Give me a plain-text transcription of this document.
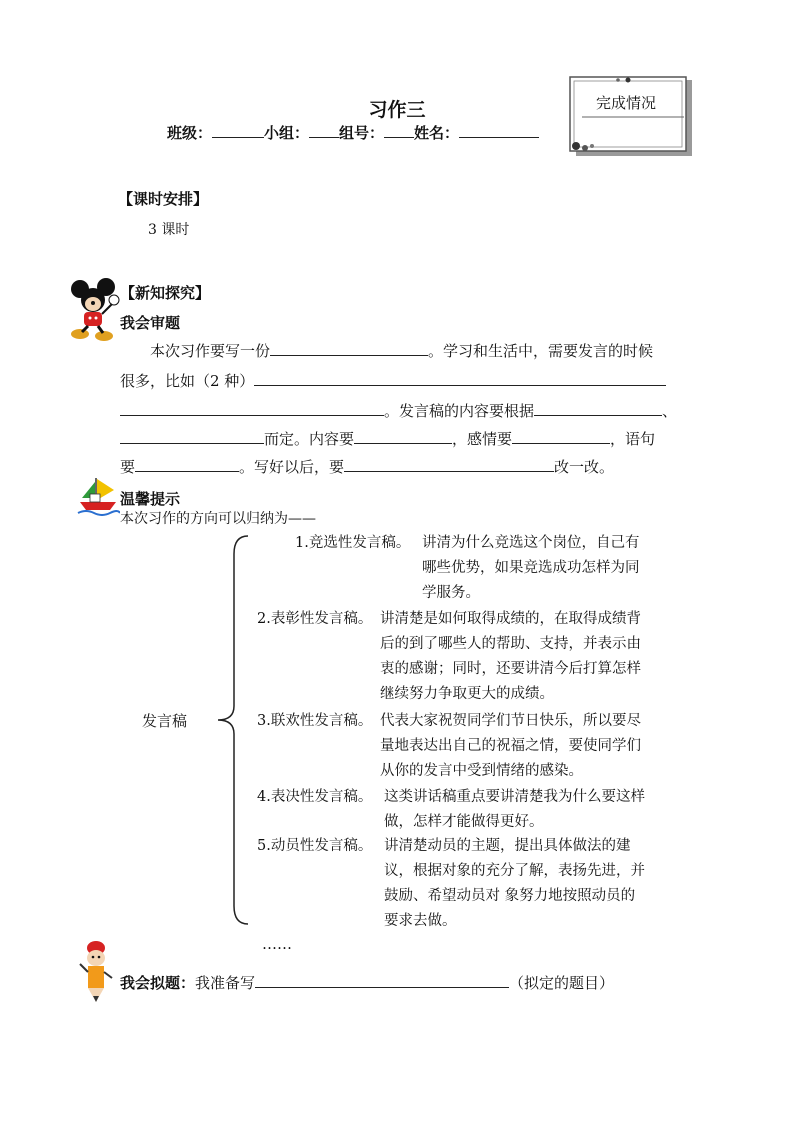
习作三
班级：	小组： 组号： 姓名：
完成情况
【课时安排】
3 课时
【新知探究】
我会审题
本次习作要写一份	。学习和生活中，需要发言的时候
很多，比如（2 种）
。发言稿的内容要根据	、
而定。内容要	，感情要	，语句
要	。写好以后，要	改一改。
温馨提示
本次习作的方向可以归纳为——
发言稿
1.竞选性发言稿。 讲清为什么竞选这个岗位，自己有
哪些优势，如果竞选成功怎样为同
学服务。
2.表彰性发言稿。 讲清楚是如何取得成绩的，在取得成绩背
后的到了哪些人的帮助、支持，并表示由
衷的感谢；同时，还要讲清今后打算怎样
继续努力争取更大的成绩。
3.联欢性发言稿。 代表大家祝贺同学们节日快乐，所以要尽
量地表达出自己的祝福之情，要使同学们
从你的发言中受到情绪的感染。
4.表决性发言稿。 这类讲话稿重点要讲清楚我为什么要这样
做，怎样才能做得更好。
5.动员性发言稿。 讲清楚动员的主题，提出具体做法的建
议，根据对象的充分了解，表扬先进，并
鼓励、希望动员对 象努力地按照动员的
要求去做。
……
我会拟题：我准备写	（拟定的题目）
